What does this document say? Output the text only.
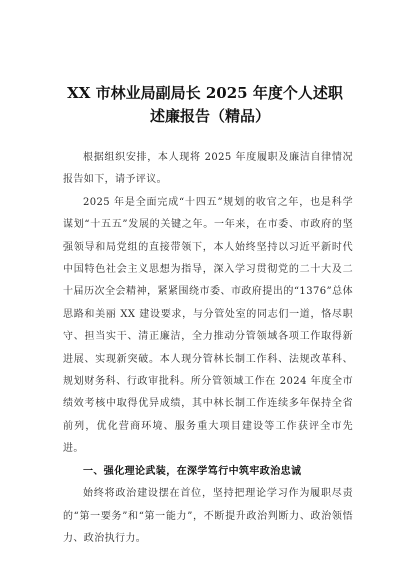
XX 市林业局副局长 2025 年度个人述职
述廉报告（精品）

根据组织安排，本人现将 2025 年度履职及廉洁自律情况报告如下，请予评议。

2025 年是全面完成“十四五”规划的收官之年，也是科学谋划“十五五”发展的关键之年。一年来，在市委、市政府的坚强领导和局党组的直接带领下，本人始终坚持以习近平新时代中国特色社会主义思想为指导，深入学习贯彻党的二十大及二十届历次全会精神，紧紧围绕市委、市政府提出的“1376”总体思路和美丽 XX 建设要求，与分管处室的同志们一道，恪尽职守、担当实干、清正廉洁，全力推动分管领域各项工作取得新进展、实现新突破。本人现分管林长制工作科、法规改革科、规划财务科、行政审批科。所分管领域工作在 2024 年度全市绩效考核中取得优异成绩，其中林长制工作连续多年保持全省前列，优化营商环境、服务重大项目建设等工作获评全市先进。

一、强化理论武装，在深学笃行中筑牢政治忠诚

始终将政治建设摆在首位，坚持把理论学习作为履职尽责的“第一要务”和“第一能力”，不断提升政治判断力、政治领悟力、政治执行力。
